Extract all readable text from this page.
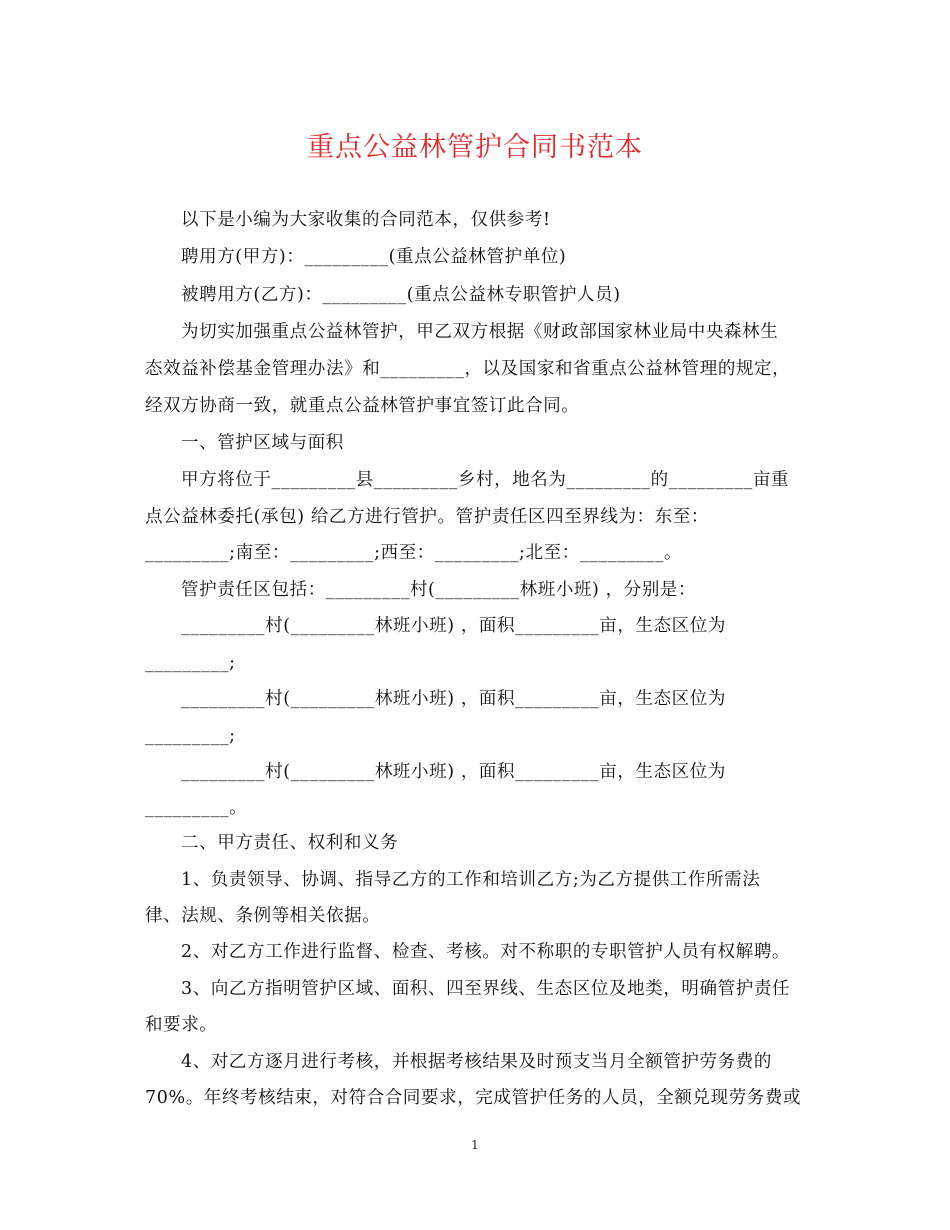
重点公益林管护合同书范本
以下是小编为大家收集的合同范本，仅供参考!
聘用方(甲方)：_________(重点公益林管护单位)
被聘用方(乙方)：_________(重点公益林专职管护人员)
为切实加强重点公益林管护，甲乙双方根据《财政部国家林业局中央森林生
态效益补偿基金管理办法》和_________，以及国家和省重点公益林管理的规定，
经双方协商一致，就重点公益林管护事宜签订此合同。
一、管护区域与面积
甲方将位于_________县_________乡村，地名为_________的_________亩重
点公益林委托(承包) 给乙方进行管护。管护责任区四至界线为：东至：
_________;南至：_________;西至：_________;北至：_________。
管护责任区包括：_________村(_________林班小班) ，分别是：
_________村(_________林班小班) ，面积_________亩，生态区位为
_________;
_________村(_________林班小班) ，面积_________亩，生态区位为
_________;
_________村(_________林班小班) ，面积_________亩，生态区位为
_________。
二、甲方责任、权利和义务
1、负责领导、协调、指导乙方的工作和培训乙方;为乙方提供工作所需法
律、法规、条例等相关依据。
2、对乙方工作进行监督、检查、考核。对不称职的专职管护人员有权解聘。
3、向乙方指明管护区域、面积、四至界线、生态区位及地类，明确管护责任
和要求。
4、对乙方逐月进行考核，并根据考核结果及时预支当月全额管护劳务费的
70%。年终考核结束，对符合合同要求，完成管护任务的人员，全额兑现劳务费或
1
